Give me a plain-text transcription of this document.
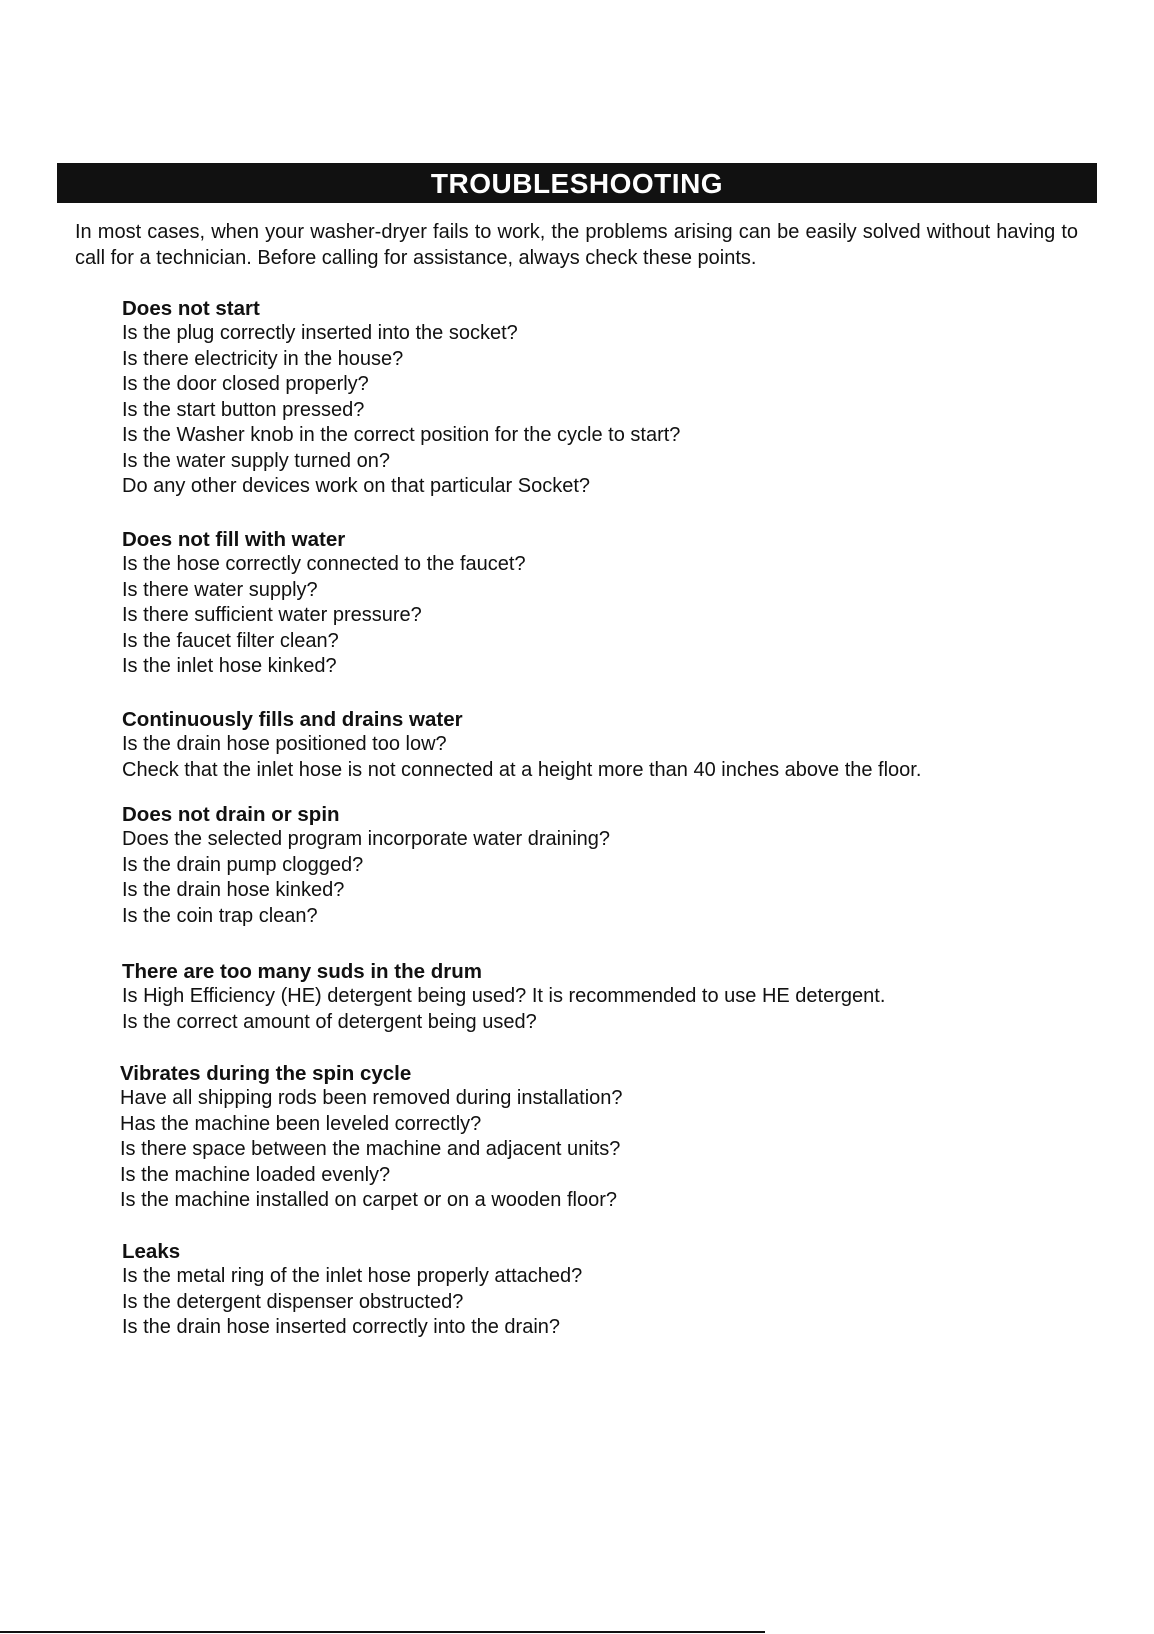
TROUBLESHOOTING

In most cases, when your washer-dryer fails to work, the problems arising can be easily solved without having to call for a technician. Before calling for assistance, always check these points.

Does not start
Is the plug correctly inserted into the socket?
Is there electricity in the house?
Is the door closed properly?
Is the start button pressed?
Is the Washer knob in the correct position for the cycle to start?
Is the water supply turned on?
Do any other devices work on that particular Socket?
Does not fill with water
Is the hose correctly connected to the faucet?
Is there water supply?
Is there sufficient water pressure?
Is the faucet filter clean?
Is the inlet hose kinked?
Continuously fills and drains water
Is the drain hose positioned too low?
Check that the inlet hose is not connected at a height more than 40 inches above the floor.
Does not drain or spin
Does the selected program incorporate water draining?
Is the drain pump clogged?
Is the drain hose kinked?
Is the coin trap clean?
There are too many suds in the drum
Is High Efficiency (HE) detergent being used? It is recommended to use HE detergent.
Is the correct amount of detergent being used?
Vibrates during the spin cycle
Have all shipping rods been removed during installation?
Has the machine been leveled correctly?
Is there space between the machine and adjacent units?
Is the machine loaded evenly?
Is the machine installed on carpet or on a wooden floor?
Leaks
Is the metal ring of the inlet hose properly attached?
Is the detergent dispenser obstructed?
Is the drain hose inserted correctly into the drain?
